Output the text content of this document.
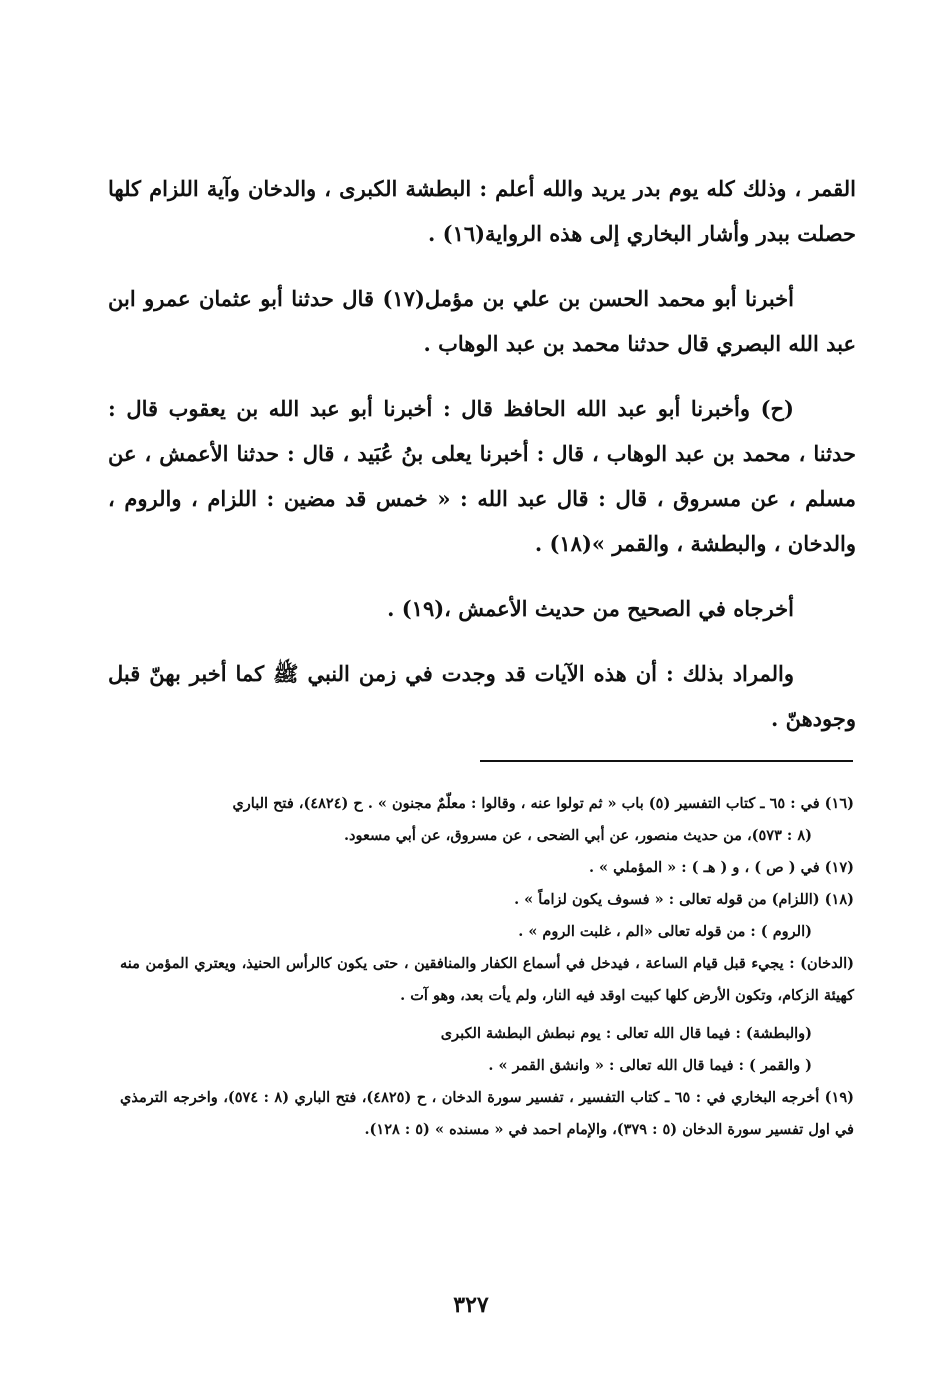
القمر ، وذلك كله يوم بدر يريد والله أعلم : البطشة الكبرى ، والدخان وآية اللزام كلها حصلت ببدر وأشار البخاري إلى هذه الرواية(١٦) .

أخبرنا أبو محمد الحسن بن علي بن مؤمل(١٧) قال حدثنا أبو عثمان عمرو ابن عبد الله البصري قال حدثنا محمد بن عبد الوهاب .

(ح) وأخبرنا أبو عبد الله الحافظ قال : أخبرنا أبو عبد الله بن يعقوب قال : حدثنا ، محمد بن عبد الوهاب ، قال : أخبرنا يعلى بنُ عُبَيد ، قال : حدثنا الأعمش ، عن مسلم ، عن مسروق ، قال : قال عبد الله : « خمس قد مضين : اللزام ، والروم ، والدخان ، والبطشة ، والقمر »(١٨) .

أخرجاه في الصحيح من حديث الأعمش ،(١٩) .

والمراد بذلك : أن هذه الآيات قد وجدت في زمن النبي ﷺ كما أخبر بهنّ قبل وجودهنّ .

(١٦) في : ٦٥ ـ كتاب التفسير (٥) باب « ثم تولوا عنه ، وقالوا : معلّمٌ مجنون » . ح (٤٨٢٤)، فتح الباري

(٨ : ٥٧٣)، من حديث منصور، عن أبي الضحى ، عن مسروق، عن أبي مسعود.

(١٧) في ( ص ) ، و ( هـ ) : « المؤملي » .

(١٨) (اللزام) من قوله تعالى : « فسوف يكون لزاماً » .

(الروم ) : من قوله تعالى «الم ، غلبت الروم » .

(الدخان) : يجيء قبل قيام الساعة ، فيدخل في أسماع الكفار والمنافقين ، حتى يكون كالرأس الحنيذ، ويعتري المؤمن منه كهيئة الزكام، وتكون الأرض كلها كبيت اوقد فيه النار، ولم يأت بعد، وهو آت .

(والبطشة) : فيما قال الله تعالى : يوم نبطش البطشة الكبرى

( والقمر ) : فيما قال الله تعالى : « وانشق القمر » .

(١٩) أخرجه البخاري في : ٦٥ ـ كتاب التفسير ، تفسير سورة الدخان ، ح (٤٨٢٥)، فتح الباري (٨ : ٥٧٤)، واخرجه الترمذي في اول تفسير سورة الدخان (٥ : ٣٧٩)، والإمام احمد في « مسنده » (٥ : ١٢٨).

٣٢٧
